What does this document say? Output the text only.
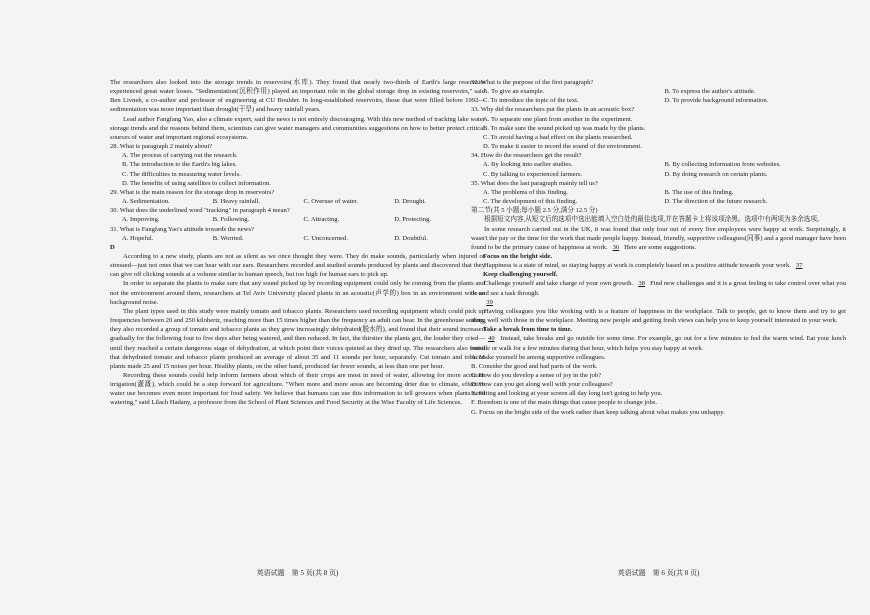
The researchers also looked into the storage trends in reservoirs(水库). They found that nearly two-thirds of Earth's large reservoirs experienced great water losses. "Sedimentation(沉积作用) played an important role in the global storage drop in existing reservoirs," said Ben Livneh, a co-author and professor of engineering at CU Boulder. In long-established reservoirs, those that were filled before 1992—sedimentation was more important than drought(干旱) and heavy rainfall years.

Lead author Fangfang Yao, also a climate expert, said the news is not entirely discouraging. With this new method of tracking lake water storage trends and the reasons behind them, scientists can give water managers and communities suggestions on how to better protect critical sources of water and important regional ecosystems.

28. What is paragraph 2 mainly about?

A. The process of carrying out the research.
B. The introduction to the Earth's big lakes.
C. The difficulties in measuring water levels.
D. The benefits of using satellites to collect information.

29. What is the main reason for the storage drop in reservoirs?

A. Sedimentation.	B. Heavy rainfall.	C. Overuse of water.	D. Drought.

30. What does the underlined word "tracking" in paragraph 4 mean?

A. Improving.	B. Following.	C. Attracting.	D. Protecting.

31. What is Fangfang Yao's attitude towards the news?

A. Hopeful.	B. Worried.	C. Unconcerned.	D. Doubtful.

D

According to a new study, plants are not as silent as we once thought they were. They do make sounds, particularly when injured or stressed—just not ones that we can hear with our ears. Researchers recorded and studied sounds produced by plants and discovered that they can give off clicking sounds at a volume similar to human speech, but too high for human ears to pick up.

In order to separate the plants to make sure that any sound picked up by recording equipment could only be coming from the plants and not the environment around them, researchers at Tel Aviv University placed plants in an acoustic(声学的) box in an environment with no background noise.

The plant types used in this study were mainly tomato and tobacco plants. Researchers used recording equipment which could pick up frequencies between 20 and 250 kilohertz, reaching more than 15 times higher than the frequency an adult can hear. In the greenhouse setting, they also recorded a group of tomato and tobacco plants as they grew increasingly dehydrated(脱水的), and found that their sound increased gradually for the following four to five days after being watered, and then reduced. In fact, the thirstier the plants got, the louder they cried—until they reached a certain dangerous stage of dehydration, at which point their voices quieted as they dried up. The researchers also found that dehydrated tomato and tobacco plants produced an average of about 35 and 11 sounds per hour, separately. Cut tomato and tobacco plants made 25 and 15 noises per hour. Healthy plants, on the other hand, produced far fewer sounds, at less than one per hour.

Recording these sounds could help inform farmers about which of their crops are most in need of water, allowing for more accurate irrigation(灌溉), which could be a step forward for agriculture. "When more and more areas are becoming drier due to climate, effective water use becomes even more important for food safety. We believe that humans can use this information to tell growers when plants need watering," said Lilach Hadany, a professor from the School of Plant Sciences and Food Security at the Wise Faculty of Life Sciences.

32. What is the purpose of the first paragraph?

A. To give an example.	B. To express the author's attitude.
C. To introduce the topic of the text.	D. To provide background information.

33. Why did the researchers put the plants in an acoustic box?

A. To separate one plant from another in the experiment.
B. To make sure the sound picked up was made by the plants.
C. To avoid having a bad effect on the plants researched.
D. To make it easier to record the sound of the environment.

34. How do the researchers get the result?

A. By looking into earlier studies.	B. By collecting information from websites.
C. By talking to experienced farmers.	D. By doing research on certain plants.

35. What does the last paragraph mainly tell us?

A. The problems of this finding.	B. The use of this finding.
C. The development of this finding.	D. The direction of the future research.

第二节(共 5 小题;每小题 2.5 分,满分 12.5 分)

根据短文内容,从短文后的选项中选出能填入空白处的最佳选项,并在答题卡上将该项涂黑。选项中有两项为多余选项。

In some research carried out in the UK, it was found that only four out of every five employees were happy at work. Surprisingly, it wasn't the pay or the time for the work that made people happy. Instead, friendly, supportive colleagues(同事) and a good manager have been found to be the primary cause of happiness at work. 36   Here are some suggestions.

Focus on the bright side.

Happiness is a state of mind, so staying happy at work is completely based on a positive attitude towards your work. 37

Keep challenging yourself.

Challenge yourself and take charge of your own growth. 38   Find new challenges and it is a great feeling to take control over what you do and see a task through.

39

Having colleagues you like working with is a feature of happiness in the workplace. Talk to people, get to know them and try to get along well with those in the workplace. Meeting new people and getting fresh views can help you to keep yourself interested in your work.

Take a break from time to time.

40   Instead, take breaks and go outside for some time. For example, go out for a few minutes to feel the warm wind. Eat your lunch outside or walk for a few minutes during that hour, which helps you stay happy at work.

A. Make yourself be among supportive colleagues.

B. Consider the good and bad parts of the work.

C. How do you develop a sense of joy in the job?

D. How can you get along well with your colleagues?

E. Sitting and looking at your screen all day long isn't going to help you.

F. Boredom is one of the main things that cause people to change jobs.

G. Focus on the bright side of the work rather than keep talking about what makes you unhappy.

英语试题　第 5 页(共 8 页)	英语试题　第 6 页(共 8 页)
